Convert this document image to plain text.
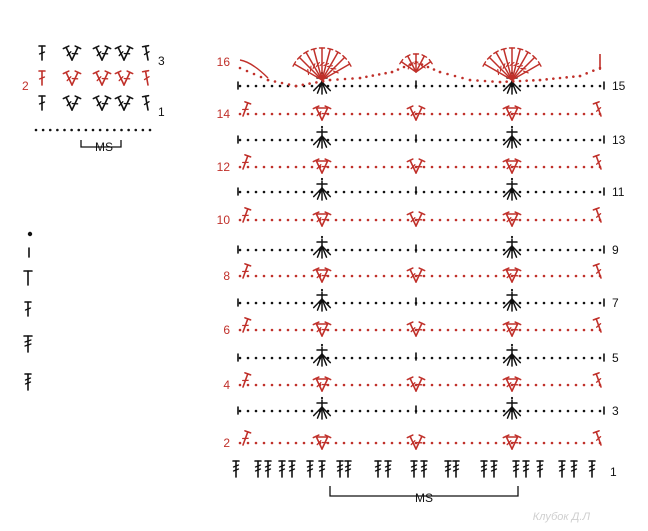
3
1
2
MS
1
16
14
12
10
8
6
4
2
15
13
11
9
7
5
3
MS
Клубок Д.Л
